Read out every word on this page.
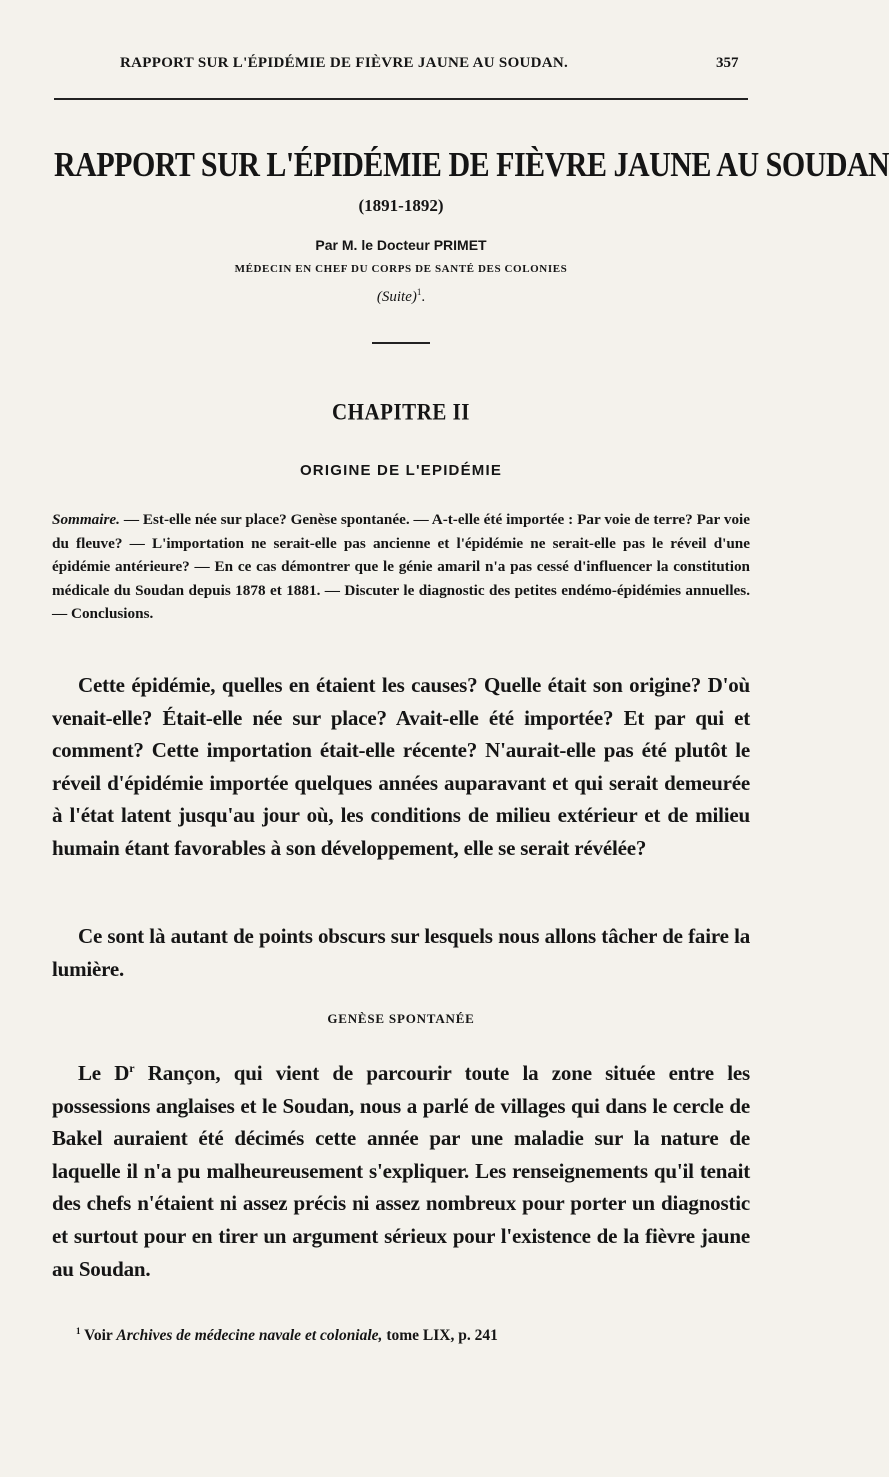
RAPPORT SUR L'ÉPIDÉMIE DE FIÈVRE JAUNE AU SOUDAN.	357
RAPPORT SUR L'ÉPIDÉMIE DE FIÈVRE JAUNE AU SOUDAN
(1891-1892)
Par M. le Docteur PRIMET
MÉDECIN EN CHEF DU CORPS DE SANTÉ DES COLONIES
(Suite)$^1$.
CHAPITRE II
ORIGINE DE L'EPIDÉMIE
Sommaire. — Est-elle née sur place? Genèse spontanée. — A-t-elle été importée : Par voie de terre? Par voie du fleuve? — L'importation ne serait-elle pas ancienne et l'épidémie ne serait-elle pas le réveil d'une épidémie antérieure? — En ce cas démontrer que le génie amaril n'a pas cessé d'influencer la constitution médicale du Soudan depuis 1878 et 1881. — Discuter le diagnostic des petites endémo-épidémies annuelles. — Conclusions.
Cette épidémie, quelles en étaient les causes? Quelle était son origine? D'où venait-elle? Était-elle née sur place? Avait-elle été importée? Et par qui et comment? Cette importation était-elle récente? N'aurait-elle pas été plutôt le réveil d'épidémie importée quelques années auparavant et qui serait demeurée à l'état latent jusqu'au jour où, les conditions de milieu extérieur et de milieu humain étant favorables à son développement, elle se serait révélée?
Ce sont là autant de points obscurs sur lesquels nous allons tâcher de faire la lumière.
GENÈSE SPONTANÉE
Le $D^r$ Rançon, qui vient de parcourir toute la zone située entre les possessions anglaises et le Soudan, nous a parlé de villages qui dans le cercle de Bakel auraient été décimés cette année par une maladie sur la nature de laquelle il n'a pu malheureusement s'expliquer. Les renseignements qu'il tenait des chefs n'étaient ni assez précis ni assez nombreux pour porter un diagnostic et surtout pour en tirer un argument sérieux pour l'existence de la fièvre jaune au Soudan.
$^1$ Voir Archives de médecine navale et coloniale, tome LIX, p. 241
